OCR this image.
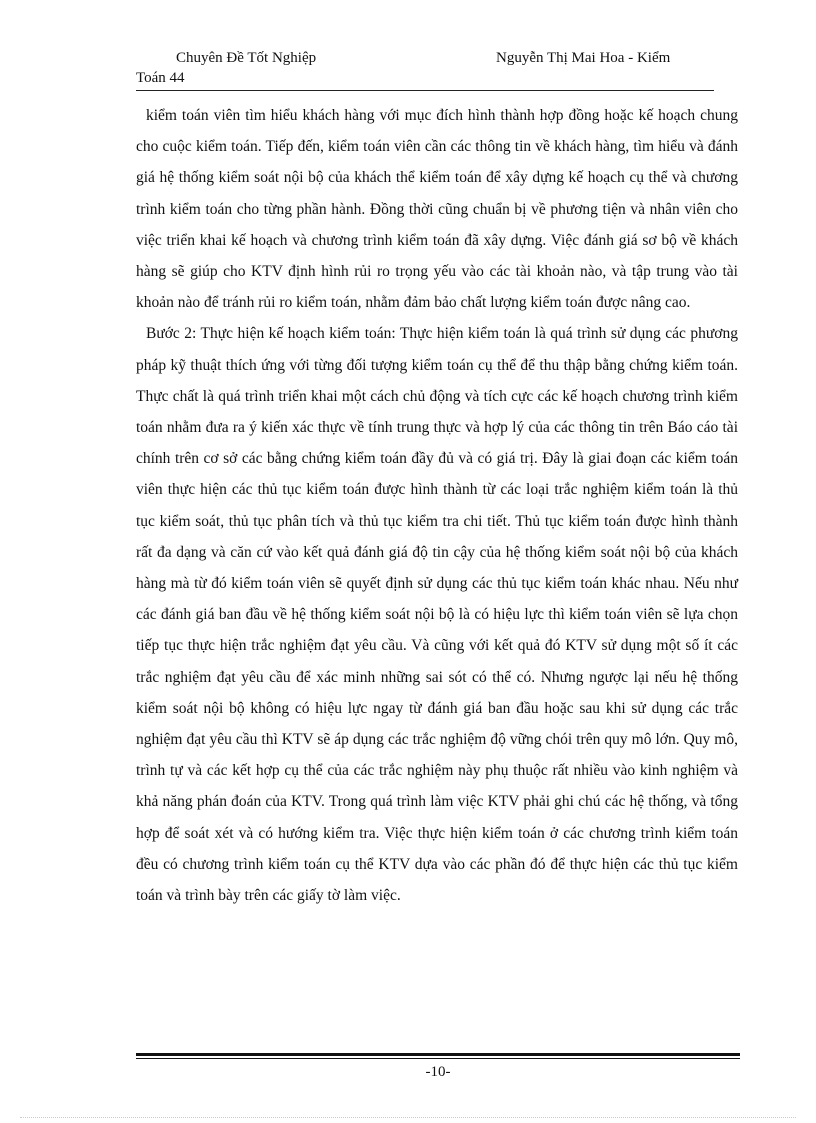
Chuyên Đề Tốt Nghiệp	Nguyễn Thị Mai Hoa - Kiểm
Toán 44

kiểm toán viên tìm hiểu khách hàng với mục đích hình thành hợp đồng hoặc kế hoạch chung cho cuộc kiểm toán. Tiếp đến, kiểm toán viên cần các thông tin về khách hàng, tìm hiểu và đánh giá hệ thống kiểm soát nội bộ của khách thể kiểm toán để xây dựng kế hoạch cụ thể và chương trình kiểm toán cho từng phần hành. Đồng thời cũng chuẩn bị về phương tiện và nhân viên cho việc triển khai kế hoạch và chương trình kiểm toán đã xây dựng. Việc đánh giá sơ bộ về khách hàng sẽ giúp cho KTV định hình rủi ro trọng yếu vào các tài khoản nào, và tập trung vào tài khoản nào để tránh rủi ro kiểm toán, nhằm đảm bảo chất lượng kiểm toán được nâng cao.

Bước 2: Thực hiện kế hoạch kiểm toán: Thực hiện kiểm toán là quá trình sử dụng các phương pháp kỹ thuật thích ứng với từng đối tượng kiểm toán cụ thể để thu thập bằng chứng kiểm toán. Thực chất là quá trình triển khai một cách chủ động và tích cực các kế hoạch chương trình kiểm toán nhằm đưa ra ý kiến xác thực về tính trung thực và hợp lý của các thông tin trên Báo cáo tài chính trên cơ sở các bằng chứng kiểm toán đầy đủ và có giá trị. Đây là giai đoạn các kiểm toán viên thực hiện các thủ tục kiểm toán được hình thành từ các loại trắc nghiệm kiểm toán là thủ tục kiểm soát, thủ tục phân tích và thủ tục kiểm tra chi tiết. Thủ tục kiểm toán được hình thành rất đa dạng và căn cứ vào kết quả đánh giá độ tin cậy của hệ thống kiểm soát nội bộ của khách hàng mà từ đó kiểm toán viên sẽ quyết định sử dụng các thủ tục kiểm toán khác nhau. Nếu như các đánh giá ban đầu về hệ thống kiểm soát nội bộ là có hiệu lực thì kiểm toán viên sẽ lựa chọn tiếp tục thực hiện trắc nghiệm đạt yêu cầu. Và cũng với kết quả đó KTV sử dụng một số ít các trắc nghiệm đạt yêu cầu để xác minh những sai sót có thể có. Nhưng ngược lại nếu hệ thống kiểm soát nội bộ không có hiệu lực ngay từ đánh giá ban đầu hoặc sau khi sử dụng các trắc nghiệm đạt yêu cầu thì KTV sẽ áp dụng các trắc nghiệm độ vững chói trên quy mô lớn. Quy mô, trình tự và các kết hợp cụ thể của các trắc nghiệm này phụ thuộc rất nhiều vào kinh nghiệm và khả năng phán đoán của KTV. Trong quá trình làm việc KTV phải ghi chú các hệ thống, và tổng hợp để soát xét và có hướng kiểm tra. Việc thực hiện kiểm toán ở các chương trình kiểm toán đều có chương trình kiểm toán cụ thể KTV dựa vào các phần đó để thực hiện các thủ tục kiểm toán và trình bày trên các giấy tờ làm việc.

-10-
